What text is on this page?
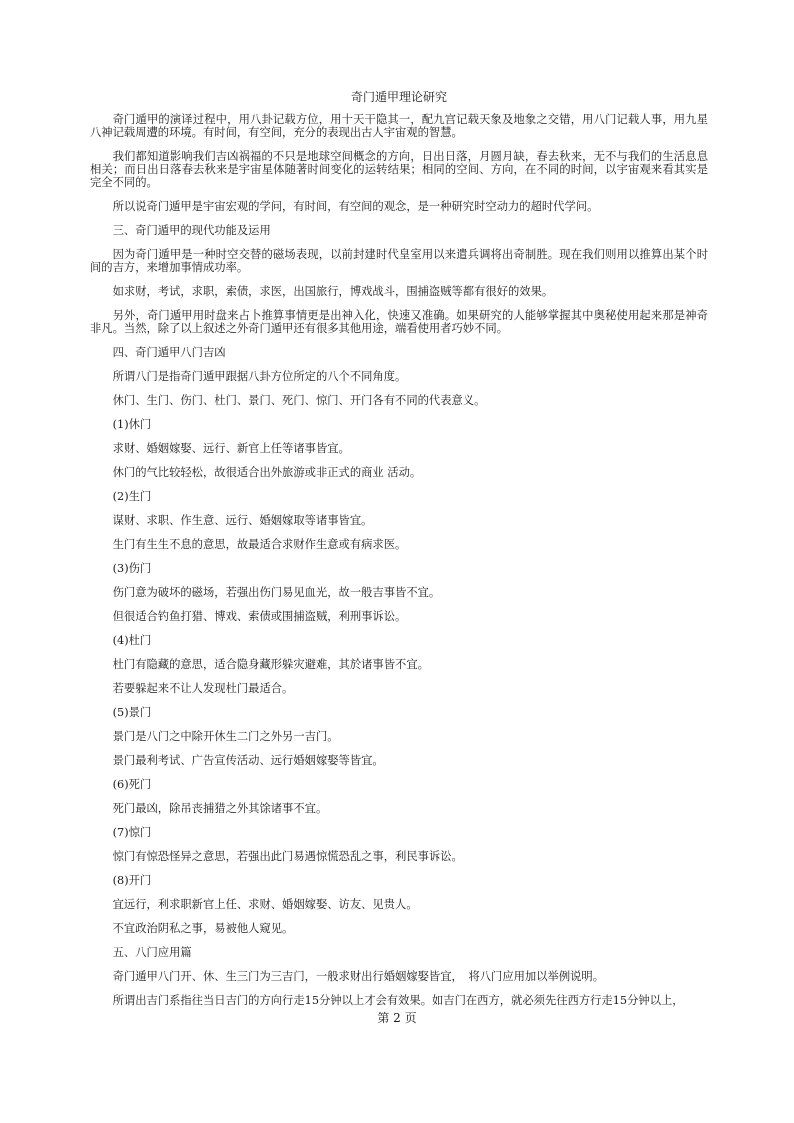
奇门遁甲理论研究

奇门遁甲的演译过程中，用八卦记载方位，用十天干隐其一，配九宫记载天象及地象之交错，用八门记载人事，用九星八神记载周遭的环境。有时间，有空间，充分的表现出古人宇宙观的智慧。

我们都知道影响我们吉凶祸福的不只是地球空间概念的方向，日出日落，月圆月缺，春去秋来，无不与我们的生活息息相关；而日出日落春去秋来是宇宙星体随著时间变化的运转结果；相同的空间、方向，在不同的时间，以宇宙观来看其实是完全不同的。

所以说奇门遁甲是宇宙宏观的学问，有时间，有空间的观念，是一种研究时空动力的超时代学问。

三、奇门遁甲的现代功能及运用

因为奇门遁甲是一种时空交替的磁场表现，以前封建时代皇室用以来遣兵调将出奇制胜。现在我们则用以推算出某个时间的吉方，来增加事情成功率。

如求财，考试，求职，索债，求医，出国旅行，博戏战斗，围捕盗贼等都有很好的效果。

另外，奇门遁甲用时盘来占卜推算事情更是出神入化，快速又准确。如果研究的人能够掌握其中奥秘使用起来那是神奇非凡。当然，除了以上叙述之外奇门遁甲还有很多其他用途，端看使用者巧妙不同。

四、奇门遁甲八门吉凶

所谓八门是指奇门遁甲跟据八卦方位所定的八个不同角度。

休门、生门、伤门、杜门、景门、死门、惊门、开门各有不同的代表意义。

(1)休门

求财、婚姻嫁娶、远行、新官上任等诸事皆宜。

休门的气比较轻松，故很适合出外旅游或非正式的商业 活动。

(2)生门

谋财、求职、作生意、远行、婚姻嫁取等诸事皆宜。

生门有生生不息的意思，故最适合求财作生意或有病求医。

(3)伤门

伤门意为破坏的磁场，若强出伤门易见血光，故一般吉事皆不宜。

但很适合钓鱼打猎、博戏、索债或围捕盗贼，利刑事诉讼。

(4)杜门

杜门有隐藏的意思，适合隐身藏形躲灾避难，其於诸事皆不宜。

若要躲起来不让人发现杜门最适合。

(5)景门

景门是八门之中除开休生二门之外另一吉门。

景门最利考试、广告宣传活动、远行婚姻嫁娶等皆宜。

(6)死门

死门最凶，除吊丧捕猎之外其馀诸事不宜。

(7)惊门

惊门有惊恐怪异之意思，若强出此门易遇惊慌恐乱之事，利民事诉讼。

(8)开门

宜远行，利求职新官上任、求财、婚姻嫁娶、访友、见贵人。

不宜政治阴私之事，易被他人窥见。

五、八门应用篇

奇门遁甲八门开、休、生三门为三吉门，一般求财出行婚姻嫁娶皆宜，　将八门应用加以举例说明。

所谓出吉门系指往当日吉门的方向行走15分钟以上才会有效果。如吉门在西方，就必须先往西方行走15分钟以上，

第 2 页
